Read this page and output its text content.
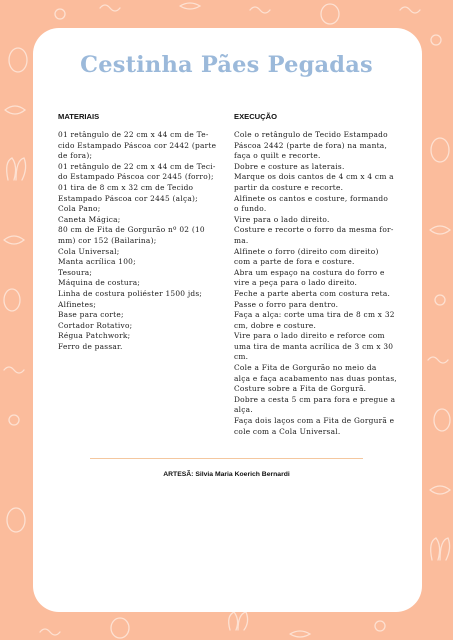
Cestinha Pães Pegadas
MATERIAIS
01 retângulo de 22 cm x 44 cm de Te-
cido Estampado Páscoa cor 2442 (parte
de fora);
01 retângulo de 22 cm x 44 cm de Teci-
do Estampado Páscoa cor 2445 (forro);
01 tira de 8 cm x 32 cm de Tecido
Estampado Páscoa cor 2445 (alça);
Cola Pano;
Caneta Mágica;
80 cm de Fita de Gorgurão nº 02 (10
mm) cor 152 (Bailarina);
Cola Universal;
Manta acrílica 100;
Tesoura;
Máquina de costura;
Linha de costura poliéster 1500 jds;
Alfinetes;
Base para corte;
Cortador Rotativo;
Régua Patchwork;
Ferro de passar.
EXECUÇÃO
Cole o retângulo de Tecido Estampado
Páscoa 2442 (parte de fora) na manta,
faça o quilt e recorte.
Dobre e costure as laterais.
Marque os dois cantos de 4 cm x 4 cm a
partir da costure e recorte.
Alfinete os cantos e costure, formando
o fundo.
Vire para o lado direito.
Costure e recorte o forro da mesma for-
ma.
Alfinete o forro (direito com direito)
com a parte de fora e costure.
Abra um espaço na costura do forro e
vire a peça para o lado direito.
Feche a parte aberta com costura reta.
Passe o forro para dentro.
Faça a alça: corte uma tira de 8 cm x 32
cm, dobre e costure.
Vire para o lado direito e reforce com
uma tira de manta acrílica de 3 cm x 30
cm.
Cole a Fita de Gorgurão no meio da
alça e faça acabamento nas duas pontas,
Costure sobre a Fita de Gorgurã.
Dobre a cesta 5 cm para fora e pregue a
alça.
Faça dois laços com a Fita de Gorgurã e
cole com a Cola Universal.
ARTESÃ: Silvia Maria Koerich Bernardi
